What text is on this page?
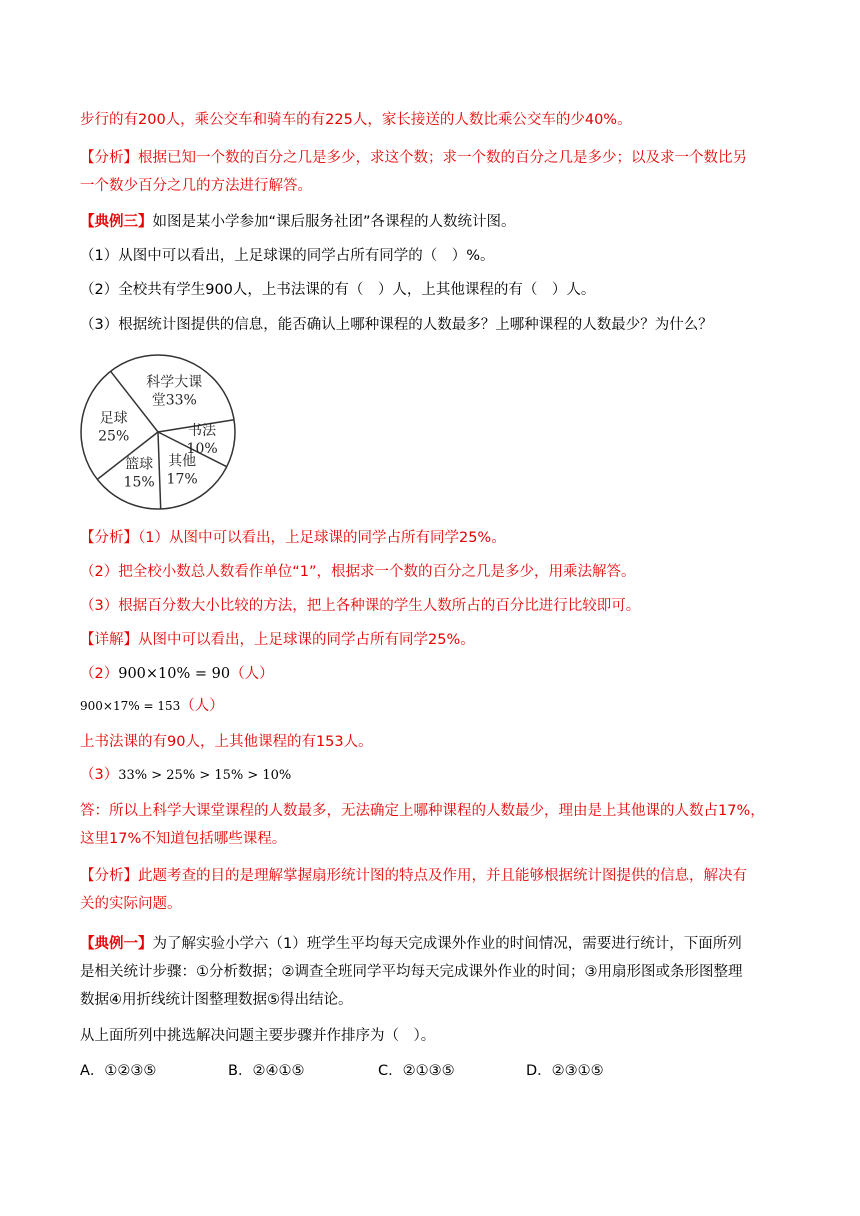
步行的有200人，乘公交车和骑车的有225人，家长接送的人数比乘公交车的少40%。
【分析】根据已知一个数的百分之几是多少，求这个数；求一个数的百分之几是多少；以及求一个数比另
一个数少百分之几的方法进行解答。
【典例三】如图是某小学参加“课后服务社团”各课程的人数统计图。
（1）从图中可以看出，上足球课的同学占所有同学的（　）%。
（2）全校共有学生900人，上书法课的有（　）人，上其他课程的有（　）人。
（3）根据统计图提供的信息，能否确认上哪种课程的人数最多？上哪种课程的人数最少？为什么？
科学大课堂33%
书法 10%
其他 17%
篮球 15%
足球 25%
【分析】（1）从图中可以看出，上足球课的同学占所有同学25%。
（2）把全校小数总人数看作单位“1”，根据求一个数的百分之几是多少，用乘法解答。
（3）根据百分数大小比较的方法，把上各种课的学生人数所占的百分比进行比较即可。
【详解】从图中可以看出，上足球课的同学占所有同学25%。
（2）900×10% = 90（人）
900×17% = 153（人）
上书法课的有90人，上其他课程的有153人。
（3）33% > 25% > 15% > 10%
答：所以上科学大课堂课程的人数最多，无法确定上哪种课程的人数最少，理由是上其他课的人数占17%，
这里17%不知道包括哪些课程。
【分析】此题考查的目的是理解掌握扇形统计图的特点及作用，并且能够根据统计图提供的信息，解决有
关的实际问题。
【典例一】为了解实验小学六（1）班学生平均每天完成课外作业的时间情况，需要进行统计，下面所列
是相关统计步骤：①分析数据；②调查全班同学平均每天完成课外作业的时间；③用扇形图或条形图整理
数据④用折线统计图整理数据⑤得出结论。
从上面所列中挑选解决问题主要步骤并作排序为（　）。
A．①②③⑤	B．②④①⑤	C．②①③⑤	D．②③①⑤
